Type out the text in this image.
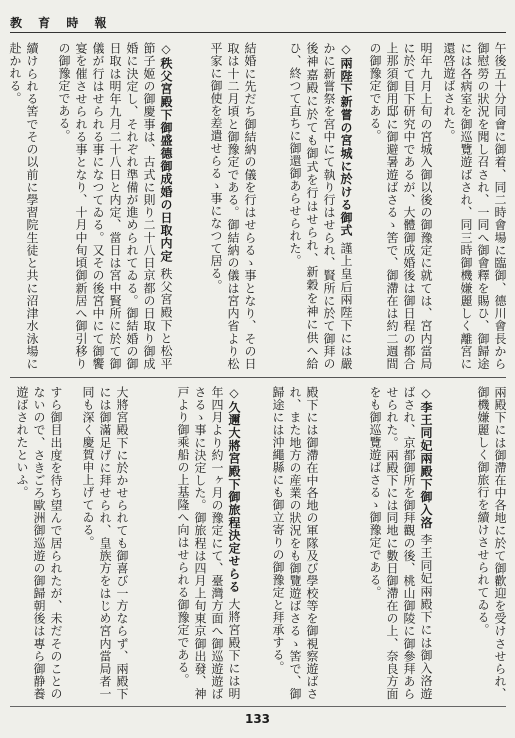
教 育 時 報

午後五十分同會に御着、同二時會場に臨御、德川會長から御慰勞の狀況を聞し召され、一同へ御會釋を賜ひ、御歸途には各病室を御巡覽遊ばされ、同三時御機嫌麗しく離宮に還啓遊ばされた。

明年九月上旬の宮城入御以後の御豫定に就ては、宮内當局に於て目下研究中であるが、大體御成婚後は御日程の都合上那須御用邸に御避暑遊ばさるゝ筈で、御滯在は約二週間の御豫定である。

◇兩陛下新嘗の宮城に於ける御式 謹上皇后兩陛下には嚴かに新嘗祭を宮中にて執り行はせられ、賢所に於て御拜の後神嘉殿に於ても御式を行はせられ、新穀を神に供へ給ひ、終つて直ちに御還御あらせられた。

結婚に先だち御結納の儀を行はせらるゝ事となり、その日取は十二月頃と御豫定である。御結納の儀は宮内省より松平家に御使を差遣せらるゝ事になつて居る。

◇秩父宮殿下御盛德御成婚の日取内定 秩父宮殿下と松平節子姬の御慶事は、古式に則り二十八日京都の日取り御成婚に決定し、それぞれ準備が進められてゐる。御結婚の御日取は明年九月二十八日と内定、當日は宮中賢所に於て御儀が行はせられる事になつてゐる。又その後宮中にて御饗宴を催させられる事となり、十月中旬頃御新居へ御引移りの御豫定である。

續けられる筈でその以前に學習院生徒と共に沼津水泳場に赴かれる。

兩殿下には御滯在中各地に於て御歡迎を受けさせられ、御機嫌麗しく御旅行を續けさせられてゐる。

◇李王同妃兩殿下御入洛 李王同妃兩殿下には御入洛遊ばされ、京都御所を御拜觀の後、桃山御陵に御參拜あらせられた。兩殿下には同地に數日御滯在の上、奈良方面をも御巡覽遊ばさるゝ御豫定である。

殿下には御滯在中各地の軍隊及び學校等を御視察遊ばされ、また地方の産業の狀況をも御覽遊ばさるゝ筈で、御歸途には沖繩縣にも御立寄りの御豫定と拜承する。

◇久邇大將宮殿下御旅程決定せらる 大將宮殿下には明年四月より約一ヶ月の豫定にて、臺灣方面へ御巡遊遊ばさるゝ事に決定した。御旅程は四月上旬東京御出發、神戸より御乘船の上基隆へ向はせられる御豫定である。

大將宮殿下に於かせられても御喜び一方ならず、兩殿下には御滿足げに拜せられ、皇族方をはじめ宮内當局者一同も深く慶賀申上げてゐる。

すら御目出度を待ち望んで居られたが、未だそのことのないので、さきごろ歐洲御巡遊の御歸朝後は專ら御静養遊ばされたといふ。

133
